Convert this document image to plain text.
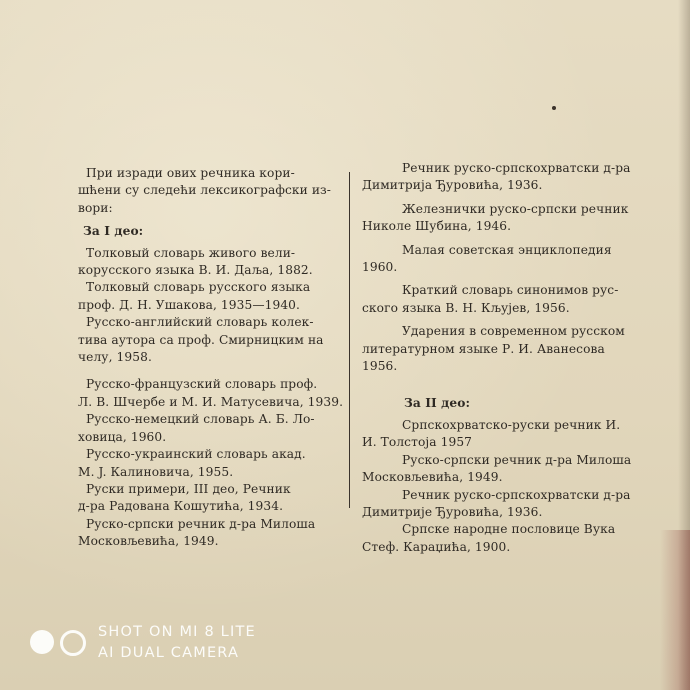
При изради ових речника кори-
шћени су следећи лексикографски из-
вори:
За I део:
Толковый словарь живого вели-
корусского языка В. И. Даља, 1882.
Толковый словарь русского языка
проф. Д. Н. Ушакова, 1935—1940.
Русско-английский словарь колек-
тива аутора са проф. Смирницким на
челу, 1958.
Русско-французский словарь проф.
Л. В. Шчербе и М. И. Матусевича, 1939.
Русско-немецкий словарь А. Б. Ло-
ховица, 1960.
Русско-украинский словарь акад.
М. J. Калиновича, 1955.
Руски примери, III део, Речник
д-ра Радована Кошутића, 1934.
Руско-српски речник д-ра Милоша
Московљевића, 1949.
Речник руско-српскохрватски д-ра
Димитрија Ђуровића, 1936.
Железнички руско-српски речник
Николе Шубина, 1946.
Малая советская энциклопедия
1960.
Краткий словарь синонимов рус-
ского языка В. Н. Кљујев, 1956.
Ударения в современном русском
литературном языке Р. И. Аванесова
1956.
За II део:
Српскохрватско-руски речник И.
И. Толстоја 1957
Руско-српски речник д-ра Милоша
Московљевића, 1949.
Речник руско-српскохрватски д-ра
Димитрије Ђуровића, 1936.
Српске народне пословице Вука
Стеф. Караџића, 1900.
SHOT ON MI 8 LITE
AI DUAL CAMERA
